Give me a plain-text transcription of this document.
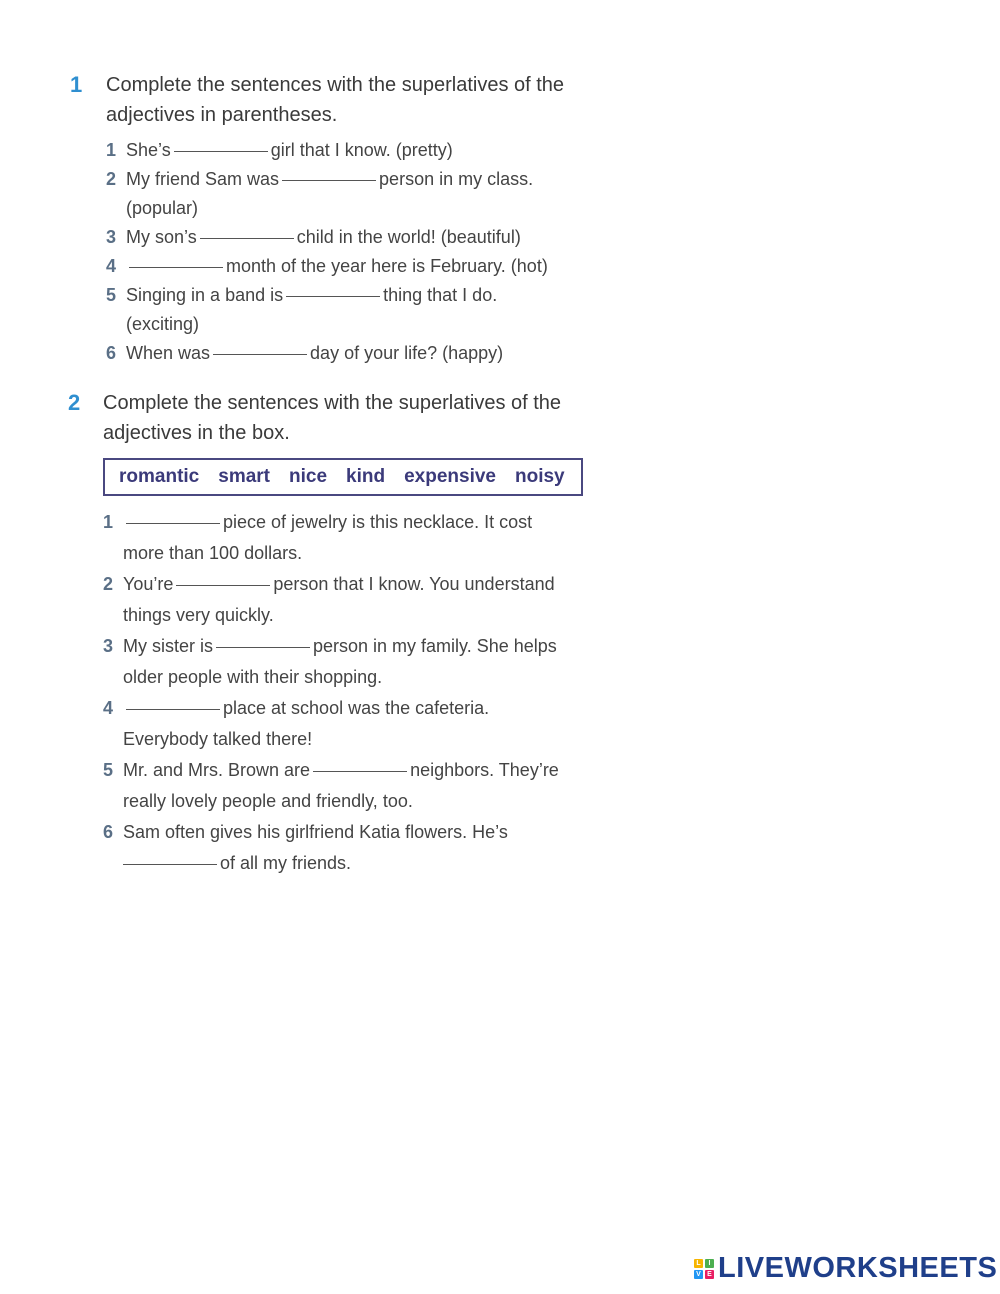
1 Complete the sentences with the superlatives of the
adjectives in parentheses.
1 She’s	girl that I know. (pretty)
2 My friend Sam was	person in my class.
(popular)
3 My son’s	child in the world! (beautiful)
4	month of the year here is February. (hot)
5 Singing in a band is	thing that I do.
(exciting)
6 When was	day of your life? (happy)
2 Complete the sentences with the superlatives of the
adjectives in the box.
romantic smart nice kind expensive noisy
1	piece of jewelry is this necklace. It cost
more than 100 dollars.
2 You’re	person that I know. You understand
things very quickly.
3 My sister is	person in my family. She helps
older people with their shopping.
4	place at school was the cafeteria.
Everybody talked there!
5 Mr. and Mrs. Brown are	neighbors. They’re
really lovely people and friendly, too.
6 Sam often gives his girlfriend Katia flowers. He’s
of all my friends.
L	I
V E LIVEWORKSHEETS
